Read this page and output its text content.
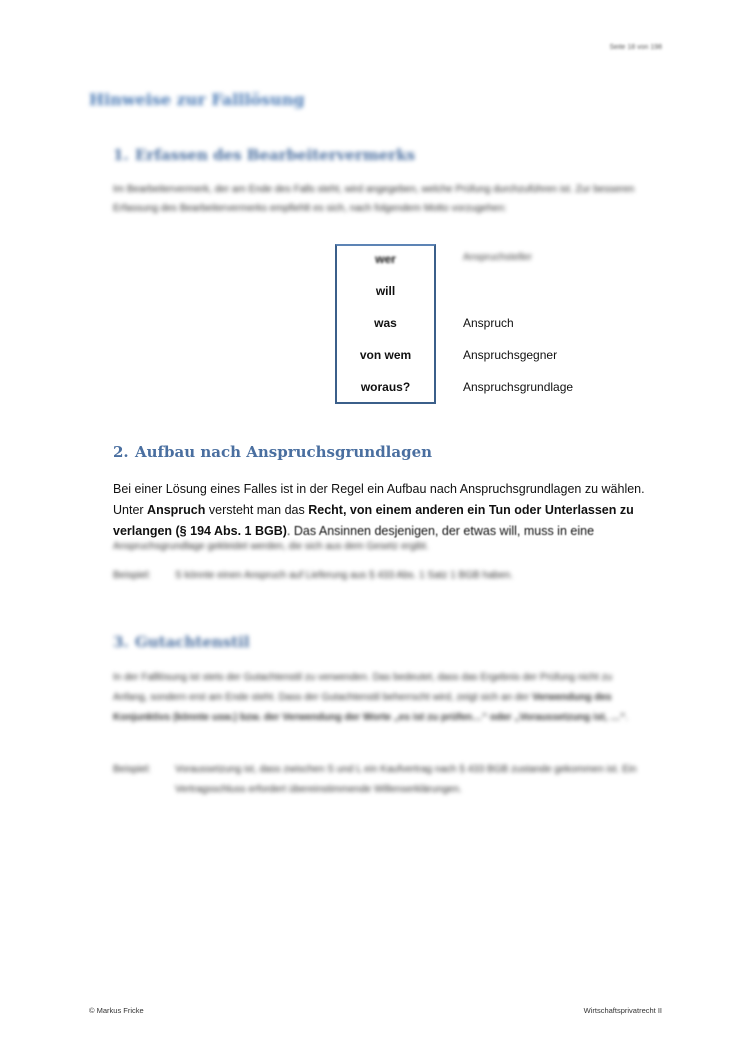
Seite 18 von 198
Hinweise zur Falllösung
1. Erfassen des Bearbeitervermerks
Im Bearbeitervermerk, der am Ende des Falls steht, wird angegeben, welche Prüfung durchzuführen ist. Zur besseren Erfassung des Bearbeitervermerks empfiehlt es sich, nach folgendem Motto vorzugehen:
wer
will
was
von wem
woraus?
Anspruchsteller
Anspruch
Anspruchsgegner
Anspruchsgrundlage
2. Aufbau nach Anspruchsgrundlagen
Bei einer Lösung eines Falles ist in der Regel ein Aufbau nach Anspruchsgrundlagen zu wählen.
Unter Anspruch versteht man das Recht, von einem anderen ein Tun oder Unterlassen zu verlangen (§ 194 Abs. 1 BGB). Das Ansinnen desjenigen, der etwas will, muss in eine
Anspruchsgrundlage gekleidet werden, die sich aus dem Gesetz ergibt.
Beispiel: S könnte einen Anspruch auf Lieferung aus § 433 Abs. 1 Satz 1 BGB haben.
3. Gutachtenstil
In der Falllösung ist stets der Gutachtenstil zu verwenden. Das bedeutet, dass das Ergebnis der Prüfung nicht zu Anfang, sondern erst am Ende steht. Dass der Gutachtenstil beherrscht wird, zeigt sich an der Verwendung des Konjunktivs (könnte usw.) bzw. der Verwendung der Worte „es ist zu prüfen…“ oder „Voraussetzung ist, …“.
Beispiel: Voraussetzung ist, dass zwischen S und L ein Kaufvertrag nach § 433 BGB zustande gekommen ist. Ein Vertragsschluss erfordert übereinstimmende Willenserklärungen.
© Markus Fricke	Wirtschaftsprivatrecht II
